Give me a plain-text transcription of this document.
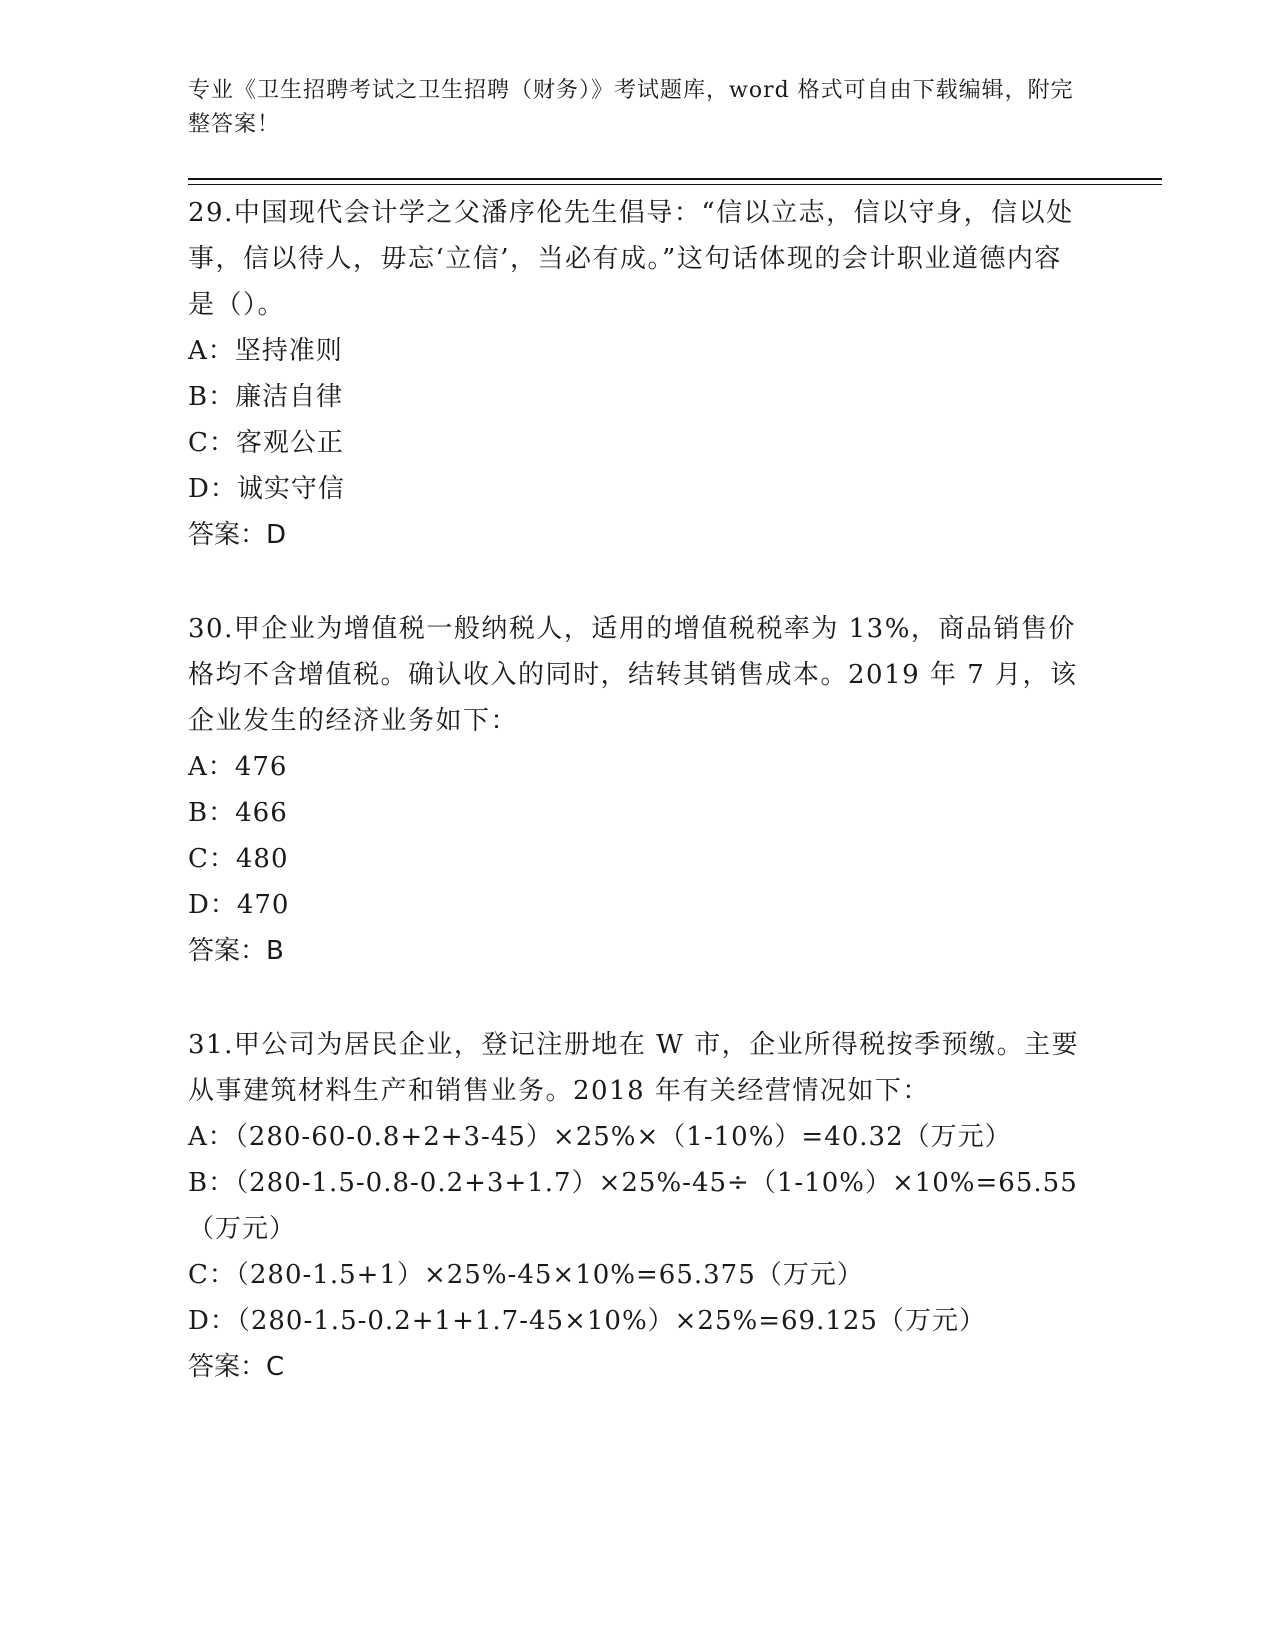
专业《卫生招聘考试之卫生招聘（财务）》考试题库，word 格式可自由下载编辑，附完整答案！

29.中国现代会计学之父潘序伦先生倡导：“信以立志，信以守身，信以处事，信以待人，毋忘‘立信’，当必有成。”这句话体现的会计职业道德内容是（）。

A：坚持准则

B：廉洁自律

C：客观公正

D：诚实守信

答案：D

30.甲企业为增值税一般纳税人，适用的增值税税率为 13%，商品销售价格均不含增值税。确认收入的同时，结转其销售成本。2019 年 7 月，该企业发生的经济业务如下：

A：476

B：466

C：480

D：470

答案：B

31.甲公司为居民企业，登记注册地在 W 市，企业所得税按季预缴。主要从事建筑材料生产和销售业务。2018 年有关经营情况如下：

A：（280-60-0.8+2+3-45）×25%×（1-10%）=40.32（万元）

B：（280-1.5-0.8-0.2+3+1.7）×25%-45÷（1-10%）×10%=65.55（万元）

C：（280-1.5+1）×25%-45×10%=65.375（万元）

D：（280-1.5-0.2+1+1.7-45×10%）×25%=69.125（万元）

答案：C
